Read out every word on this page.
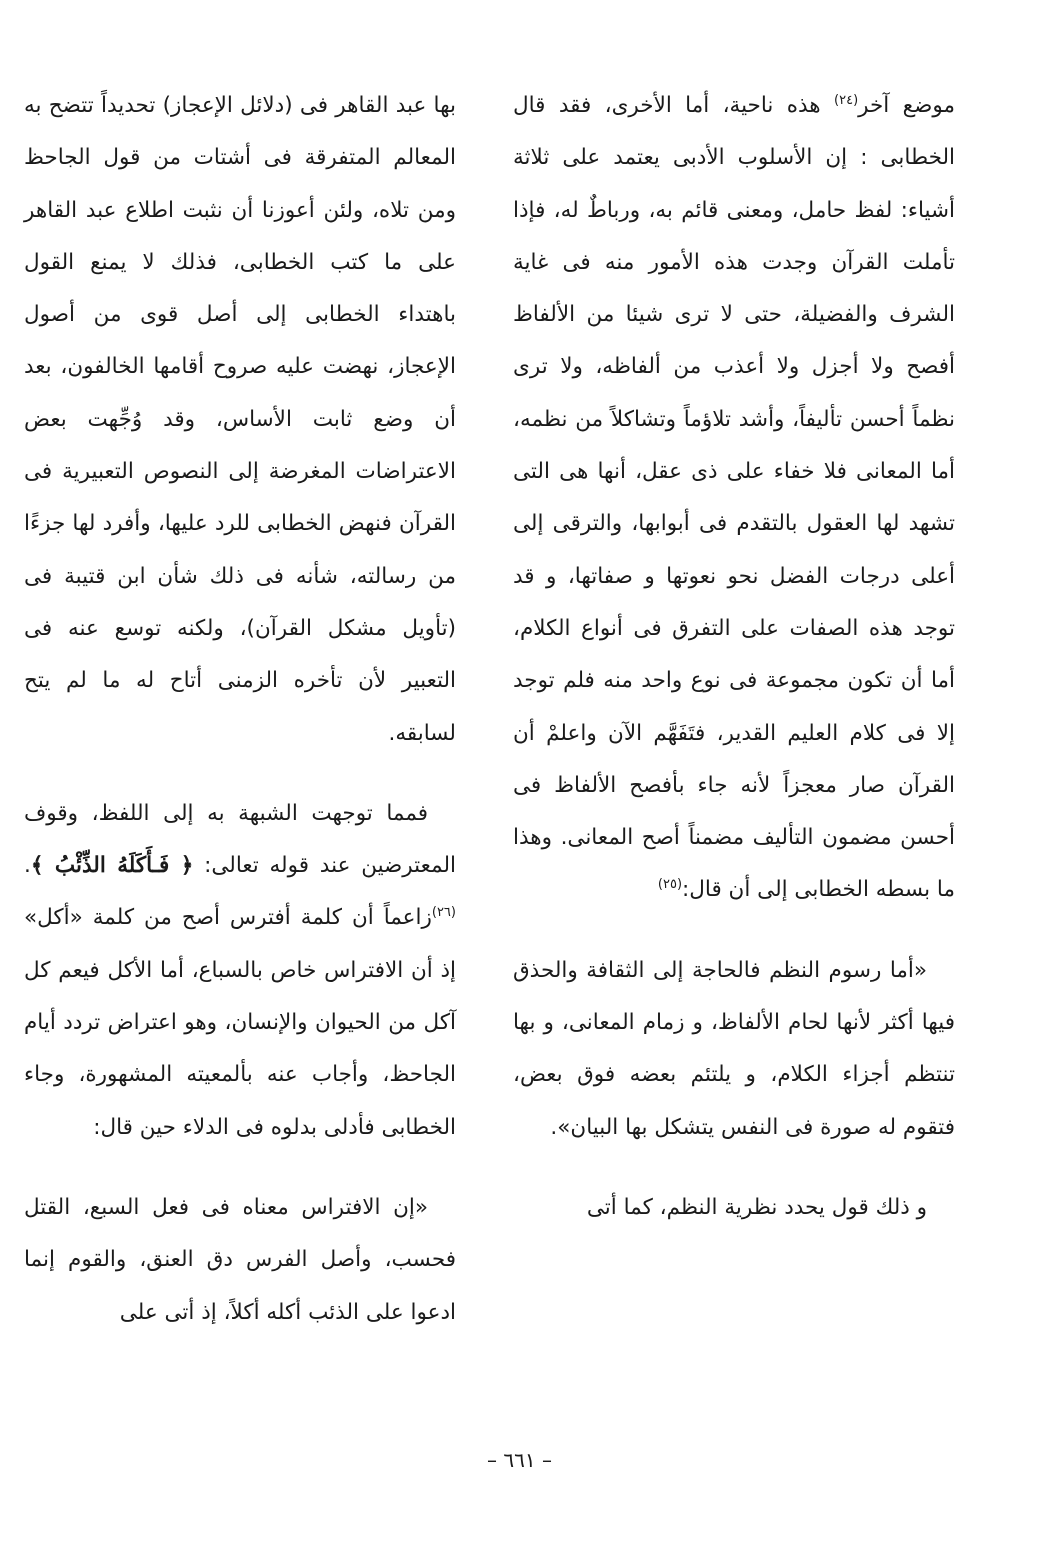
موضع آخر$^{(٢٤)}$ هذه ناحية، أما الأخرى، فقد قال الخطابى : إن الأسلوب الأدبى يعتمد على ثلاثة أشياء: لفظ حامل، ومعنى قائم به، ورباطٌ له، فإذا تأملت القرآن وجدت هذه الأمور منه فى غاية الشرف والفضيلة، حتى لا ترى شيئا من الألفاظ أفصح ولا أجزل ولا أعذب من ألفاظه، ولا ترى نظماً أحسن تأليفاً، وأشد تلاؤماً وتشاكلاً من نظمه، أما المعانى فلا خفاء على ذى عقل، أنها هى التى تشهد لها العقول بالتقدم فى أبوابها، والترقى إلى أعلى درجات الفضل نحو نعوتها و صفاتها، و قد توجد هذه الصفات على التفرق فى أنواع الكلام، أما أن تكون مجموعة فى نوع واحد منه فلم توجد إلا فى كلام العليم القدير، فتَفَهَّم الآن واعلمْ أن القرآن صار معجزاً لأنه جاء بأفصح الألفاظ فى أحسن مضمون التأليف مضمناً أصح المعانى. وهذا ما بسطه الخطابى إلى أن قال:$^{(٢٥)}$

«أما رسوم النظم فالحاجة إلى الثقافة والحذق فيها أكثر لأنها لحام الألفاظ، و زمام المعانى، و بها تنتظم أجزاء الكلام، و يلتئم بعضه فوق بعض، فتقوم له صورة فى النفس يتشكل بها البيان».

و ذلك قول يحدد نظرية النظم، كما أتى

بها عبد القاهر فى (دلائل الإعجاز) تحديداً تتضح به المعالم المتفرقة فى أشتات من قول الجاحظ ومن تلاه، ولئن أعوزنا أن نثبت اطلاع عبد القاهر على ما كتب الخطابى، فذلك لا يمنع القول باهتداء الخطابى إلى أصل قوى من أصول الإعجاز، نهضت عليه صروح أقامها الخالفون، بعد أن وضع ثابت الأساس، وقد وُجِّهت بعض الاعتراضات المغرضة إلى النصوص التعبيرية فى القرآن فنهض الخطابى للرد عليها، وأفرد لها جزءًا من رسالته، شأنه فى ذلك شأن ابن قتيبة فى (تأويل مشكل القرآن)، ولكنه توسع عنه فى التعبير لأن تأخره الزمنى أتاح له ما لم يتح لسابقه.

فمما توجهت الشبهة به إلى اللفظ، وقوف المعترضين عند قوله تعالى: ﴿ فَـأَكَلَهُ الذِّئْبُ ﴾.$^{(٢٦)}$زاعماً أن كلمة أفترس أصح من كلمة «أكل» إذ أن الافتراس خاص بالسباع، أما الأكل فيعم كل آكل من الحيوان والإنسان، وهو اعتراض تردد أيام الجاحظ، وأجاب عنه بألمعيته المشهورة، وجاء الخطابى فأدلى بدلوه فى الدلاء حين قال:

«إن الافتراس معناه فى فعل السبع، القتل فحسب، وأصل الفرس دق العنق، والقوم إنما ادعوا على الذئب أكله أكلاً، إذ أتى على

– ٦٦١ –
